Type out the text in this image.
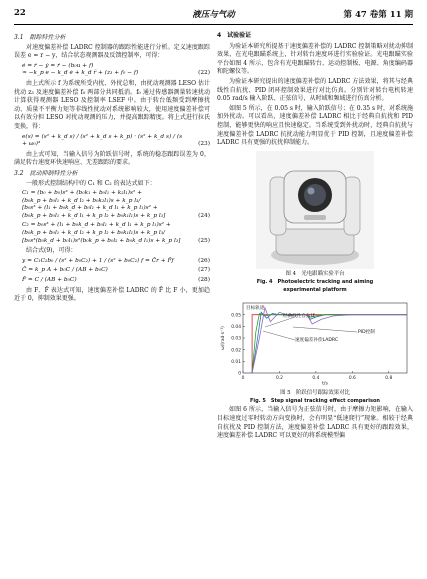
22	液压与气动	第 47 卷第 11 期
3.1　跟踪特性分析

对速度偏差补偿 LADRC 控制器的跟踪性能进行分析。定义速度跟踪误差 e = r − y，结合状态观测器及反馈控制率，可得：

ė = ṙ − ẏ = ṙ − (b₀u + f)
≈ −k_p e − k_d ė + k_d r̈ + (z₃ + f₀ − f)	(22)

由上式所示 f 为系统所受内扰、外扰总和，由扰动观测器 LESO 估计扰动 z₃ 及速度偏差补偿 f₀ 两部分共同抵消。f₀ 通过传感器测量转速扰动计算获得观测器 LESO 及控制率 LSEF 中。由于转台低频受到摩擦扰动、质量不平衡力矩等非线性扰动对系统影响较大，使用速度偏差补偿可以有效分担 LESO 对扰动观测的压力，并提高跟踪精度。将上式进行拉氏变换，得：

e(s) = (s² + k_d s) / (s² + k_d s + k_p) · (s² + k_d s) / (s + ω₀)³	(23)

由上式可知，当输入信号为阶跃信号时，系统的稳态跟踪误差为 0，满足转台速度环快速响应、无差跟踪的要求。

3.2　扰动抑制特性分析

一般形式控制结构中的 C₁ 和 C₂ 的表达式如下：

C₁ = (b₀ + b₀)s³ + (b₀k₁ + b₀l₁ + k₂l₁)s² +
(b₀k_p + b₀l₁ + k_d l₂ + b₀k₂l₁)s + k_p l₃/
[b₀s³ + (l₁ + b₀k_d + b₀l₁ + k_d l₁ + k_p l₁)s² +
(b₀k_p + b₀l₁ + k_d l₁ + k_p l₂ + b₀k₁l₁)s + k_p l₃]	(24)
C₂ = b₀s³ + (l₁ + b₀k_d + b₀l₁ + k_d l₁ + k_p l₁)s² +
(b₀k_p + b₀l₁ + k_d l₂ + k_p l₂ + b₀k₁l₁)s + k_p l₃/
[b₀s³(b₀k_d + b₀l₁)s²(b₀k_p + b₀l₂ + b₀k_d l₁)s + k_p l₃]	(25)

结合式(9)，可得：

y = C₁C₂b₀ / (s² + b₀C₂) + 1 / (s² + b₀C₂) f = C̄r + F̄f	(26)
C̄ = k_p A + b₀C / (AB + b₀C)	(27)
F̄ = C / (AB + b₀C)	(28)

由 F、F̄ 表达式可知，速度偏差补偿 LADRC 的 F̄ 比 F 小，更加趋近于 0，抑制效果更强。

4　试验验证

为验证本研究所提基于速度偏差补偿的 LADRC 控制策略对扰动抑制效果，在光电跟瞄系统上，针对转台速度环进行实验验证。光电跟瞄实验平台如图 4 所示，包含有光电跟瞄转台、运动控制板、电源、角度编码器和陀螺仪等。

为验证本研究提出的速度偏差补偿的 LADRC 方法效果，将其与经典线性自抗扰、PID 闭环控制效果进行对比仿真。分别针对转台电机转速 0.05 rad/s 输入阶跃、正弦信号，从时域和频域进行仿真分析。

如图 5 所示，在 0.05 s 时，输入阶跃信号；在 0.35 s 时，对系统施加外扰动。可以看出，速度偏差补偿 LADRC 相比于经典自抗扰和 PID 控制，能够更快的响应且快速稳定。当系统受到外扰动时，经典自抗扰与速度偏差补偿 LADRC 抗扰动能力明显优于 PID 控制，且速度偏差补偿 LADRC 具有更强的抗扰抑制能力。

图 4　光电跟瞄实验平台
Fig. 4　Photoelectric tracking and aiming
experimental platform
0.05
0.04
0.03
0.02
0.01
0
0	0.2	0.4	0.6	0.8
ω/(rad·s⁻¹)
t/s
目标轨迹
经典线性自抗扰
速度偏差补偿LADRC
PID控制
图 5　阶跃信号跟踪效果对比
Fig. 5　Step signal tracking effect comparison

如图 6 所示，当输入信号为正弦信号时，由于摩擦力矩影响，在输入目标速度过零时转动方向变换时，会有明显“低速爬行”现象。相较于经典自抗扰及 PID 控制方法，速度偏差补偿 LADRC 具有更好的跟踪效果，速度偏差补偿 LADRC 可以更好的将系统模型偏
